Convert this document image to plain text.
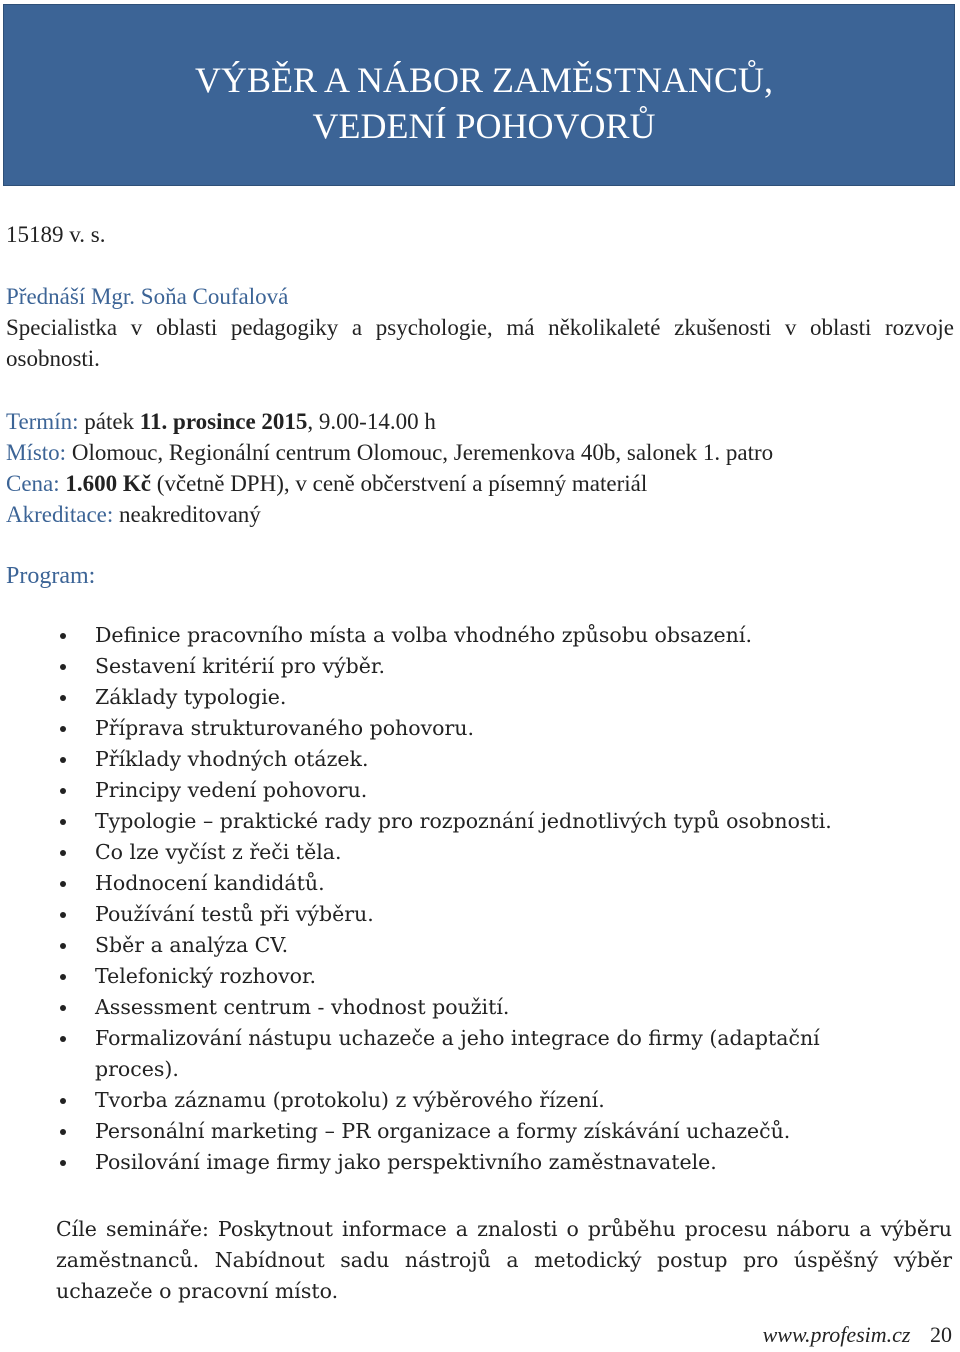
VÝBĚR A NÁBOR ZAMĚSTNANCŮ,
VEDENÍ POHOVORŮ
15189 v. s.
Přednáší Mgr. Soňa Coufalová
Specialistka v oblasti pedagogiky a psychologie, má několikaleté zkušenosti v oblasti rozvoje osobnosti.
Termín: pátek 11. prosince 2015, 9.00-14.00 h
Místo: Olomouc, Regionální centrum Olomouc, Jeremenkova 40b, salonek 1. patro
Cena: 1.600 Kč (včetně DPH), v ceně občerstvení a písemný materiál
Akreditace: neakreditovaný
Program:
Definice pracovního místa a volba vhodného způsobu obsazení.
Sestavení kritérií pro výběr.
Základy typologie.
Příprava strukturovaného pohovoru.
Příklady vhodných otázek.
Principy vedení pohovoru.
Typologie – praktické rady pro rozpoznání jednotlivých typů osobnosti.
Co lze vyčíst z řeči těla.
Hodnocení kandidátů.
Používání testů při výběru.
Sběr a analýza CV.
Telefonický rozhovor.
Assessment centrum - vhodnost použití.
Formalizování nástupu uchazeče a jeho integrace do firmy (adaptační proces).
Tvorba záznamu (protokolu) z výběrového řízení.
Personální marketing – PR organizace a formy získávání uchazečů.
Posilování image firmy jako perspektivního zaměstnavatele.
Cíle semináře: Poskytnout informace a znalosti o průběhu procesu náboru a výběru zaměstnanců. Nabídnout sadu nástrojů a metodický postup pro úspěšný výběr uchazeče o pracovní místo.
www.profesim.cz 20
